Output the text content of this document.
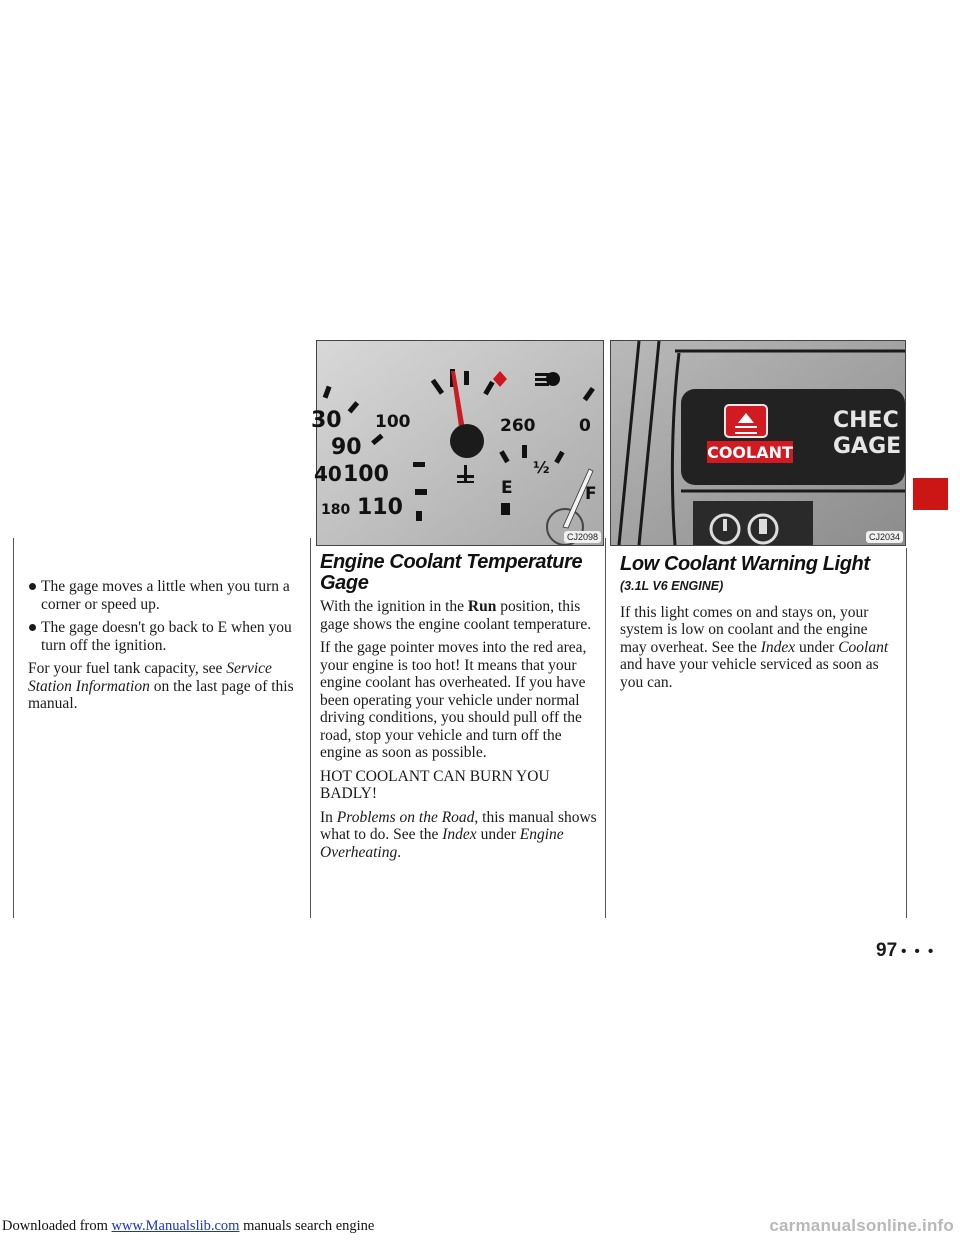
The gage moves a little when you turn a corner or speed up.
The gage doesn't go back to E when you turn off the ignition.

For your fuel tank capacity, see Service Station Information on the last page of this manual.

100	260	0
30
90
40 100
180 110
E
½
F
CJ2098
COOLANT
CHEC
GAGE
CJ2034
Engine Coolant Temperature Gage

With the ignition in the Run position, this gage shows the engine coolant temperature.

If the gage pointer moves into the red area, your engine is too hot! It means that your engine coolant has overheated. If you have been operating your vehicle under normal driving conditions, you should pull off the road, stop your vehicle and turn off the engine as soon as possible.

HOT COOLANT CAN BURN YOU BADLY!

In Problems on the Road, this manual shows what to do. See the Index under Engine Overheating.

Low Coolant Warning Light
(3.1L V6 ENGINE)

If this light comes on and stays on, your system is low on coolant and the engine may overheat. See the Index under Coolant and have your vehicle serviced as soon as you can.

97 • • •
Downloaded from www.Manualslib.com manuals search engine	carmanualsonline.info
